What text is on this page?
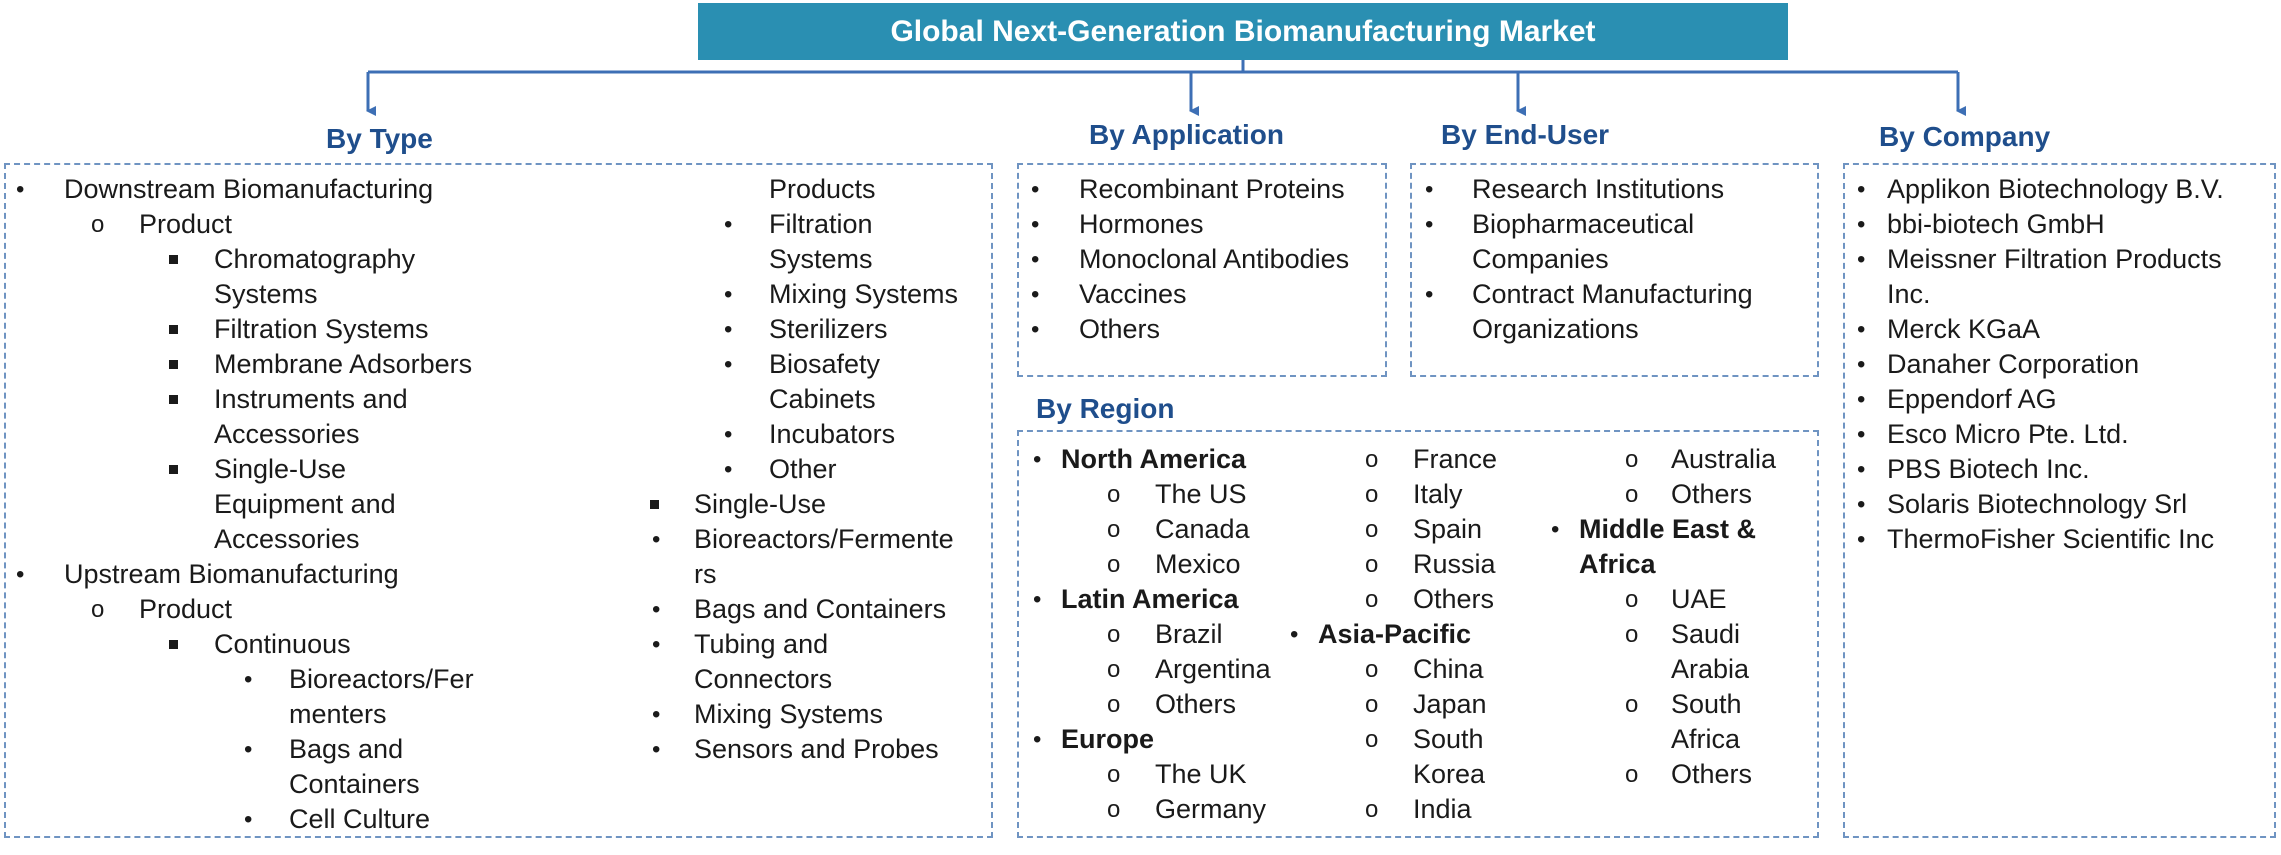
Global Next-Generation Biomanufacturing Market
By Type	By Application	By End-User	By Company
By Region
• Downstream Biomanufacturing
o Product
Chromatography
Systems
Filtration Systems
Membrane Adsorbers
Instruments and
Accessories
Single-Use
Equipment and
Accessories
• Upstream Biomanufacturing
o Product
Continuous
• Bioreactors/Fer
menters
• Bags and
Containers
• Cell Culture
Products
• Filtration
Systems
• Mixing Systems
• Sterilizers
• Biosafety
Cabinets
• Incubators
• Other
Single-Use
• Bioreactors/Fermente
rs
• Bags and Containers
• Tubing and
Connectors
• Mixing Systems
• Sensors and Probes
• Recombinant Proteins
• Hormones
• Monoclonal Antibodies
• Vaccines
• Others
• Research Institutions
• Biopharmaceutical
Companies
• Contract Manufacturing
Organizations
• Applikon Biotechnology B.V.
• bbi-biotech GmbH
• Meissner Filtration Products
Inc.
• Merck KGaA
• Danaher Corporation
• Eppendorf AG
• Esco Micro Pte. Ltd.
• PBS Biotech Inc.
• Solaris Biotechnology Srl
• ThermoFisher Scientific Inc
• North America
o The US
o Canada
o Mexico
• Latin America
o Brazil
o Argentina
o Others
• Europe
o The UK
o Germany
o France
o Italy
o Spain
o Russia
o Others
• Asia-Pacific
o China
o Japan
o South
Korea
o India
o Australia
o Others
• Middle East &
Africa
o UAE
o Saudi
Arabia
o South
Africa
o Others
